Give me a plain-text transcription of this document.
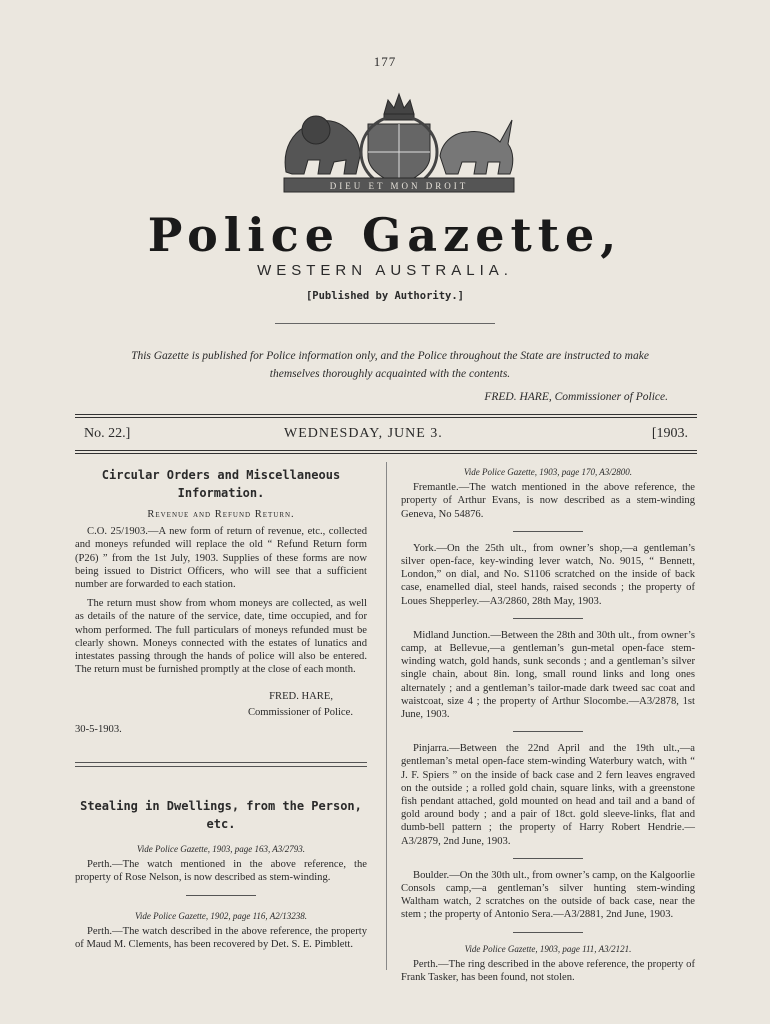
177
DIEU ET MON DROIT
Police Gazette,
WESTERN AUSTRALIA.
[Published by Authority.]
This Gazette is published for Police information only, and the Police throughout the State are instructed to make themselves thoroughly acquainted with the contents.
FRED. HARE, Commissioner of Police.
No. 22.]	WEDNESDAY, JUNE 3.	[1903.
Circular Orders and Miscellaneous Information.
Revenue and Refund Return.

C.O. 25/1903.—A new form of return of revenue, etc., collected and moneys refunded will replace the old “ Refund Return form (P26) ” from the 1st July, 1903. Supplies of these forms are now being issued to District Officers, who will see that a sufficient number are forwarded to each station.

The return must show from whom moneys are collected, as well as details of the nature of the service, date, time occupied, and for whom performed. The full particulars of moneys refunded must be clearly shown. Moneys connected with the estates of lunatics and intestates passing through the hands of police will also be entered. The return must be furnished promptly at the close of each month.

FRED. HARE,
Commissioner of Police.
30-5-1903.
Stealing in Dwellings, from the Person, etc.
Vide Police Gazette, 1903, page 163, A3/2793.

Perth.—The watch mentioned in the above reference, the property of Rose Nelson, is now described as stem-winding.

Vide Police Gazette, 1902, page 116, A2/13238.

Perth.—The watch described in the above reference, the property of Maud M. Clements, has been recovered by Det. S. E. Pimblett.

Vide Police Gazette, 1903, page 170, A3/2800.

Fremantle.—The watch mentioned in the above reference, the property of Arthur Evans, is now described as a stem-winding Geneva, No 54876.

York.—On the 25th ult., from owner’s shop,—a gentleman’s silver open-face, key-winding lever watch, No. 9015, “ Bennett, London,” on dial, and No. S1106 scratched on the inside of back case, enamelled dial, steel hands, raised seconds ; the property of Loues Shepperley.—A3/2860, 28th May, 1903.

Midland Junction.—Between the 28th and 30th ult., from owner’s camp, at Bellevue,—a gentleman’s gun-metal open-face stem-winding watch, gold hands, sunk seconds ; and a gentleman’s silver single chain, about 8in. long, small round links and long ones alternately ; and a gentleman’s tailor-made dark tweed sac coat and waistcoat, size 4 ; the property of Arthur Slocombe.—A3/2878, 1st June, 1903.

Pinjarra.—Between the 22nd April and the 19th ult.,—a gentleman’s metal open-face stem-winding Waterbury watch, with “ J. F. Spiers ” on the inside of back case and 2 fern leaves engraved on the outside ; a rolled gold chain, square links, with a greenstone fish pendant attached, gold mounted on head and tail and a band of gold around body ; and a pair of 18ct. gold sleeve-links, flat and dumb-bell pattern ; the property of Harry Robert Hendrie.—A3/2879, 2nd June, 1903.

Boulder.—On the 30th ult., from owner’s camp, on the Kalgoorlie Consols camp,—a gentleman’s silver hunting stem-winding Waltham watch, 2 scratches on the outside of back case, near the stem ; the property of Antonio Sera.—A3/2881, 2nd June, 1903.

Vide Police Gazette, 1903, page 111, A3/2121.

Perth.—The ring described in the above reference, the property of Frank Tasker, has been found, not stolen.
